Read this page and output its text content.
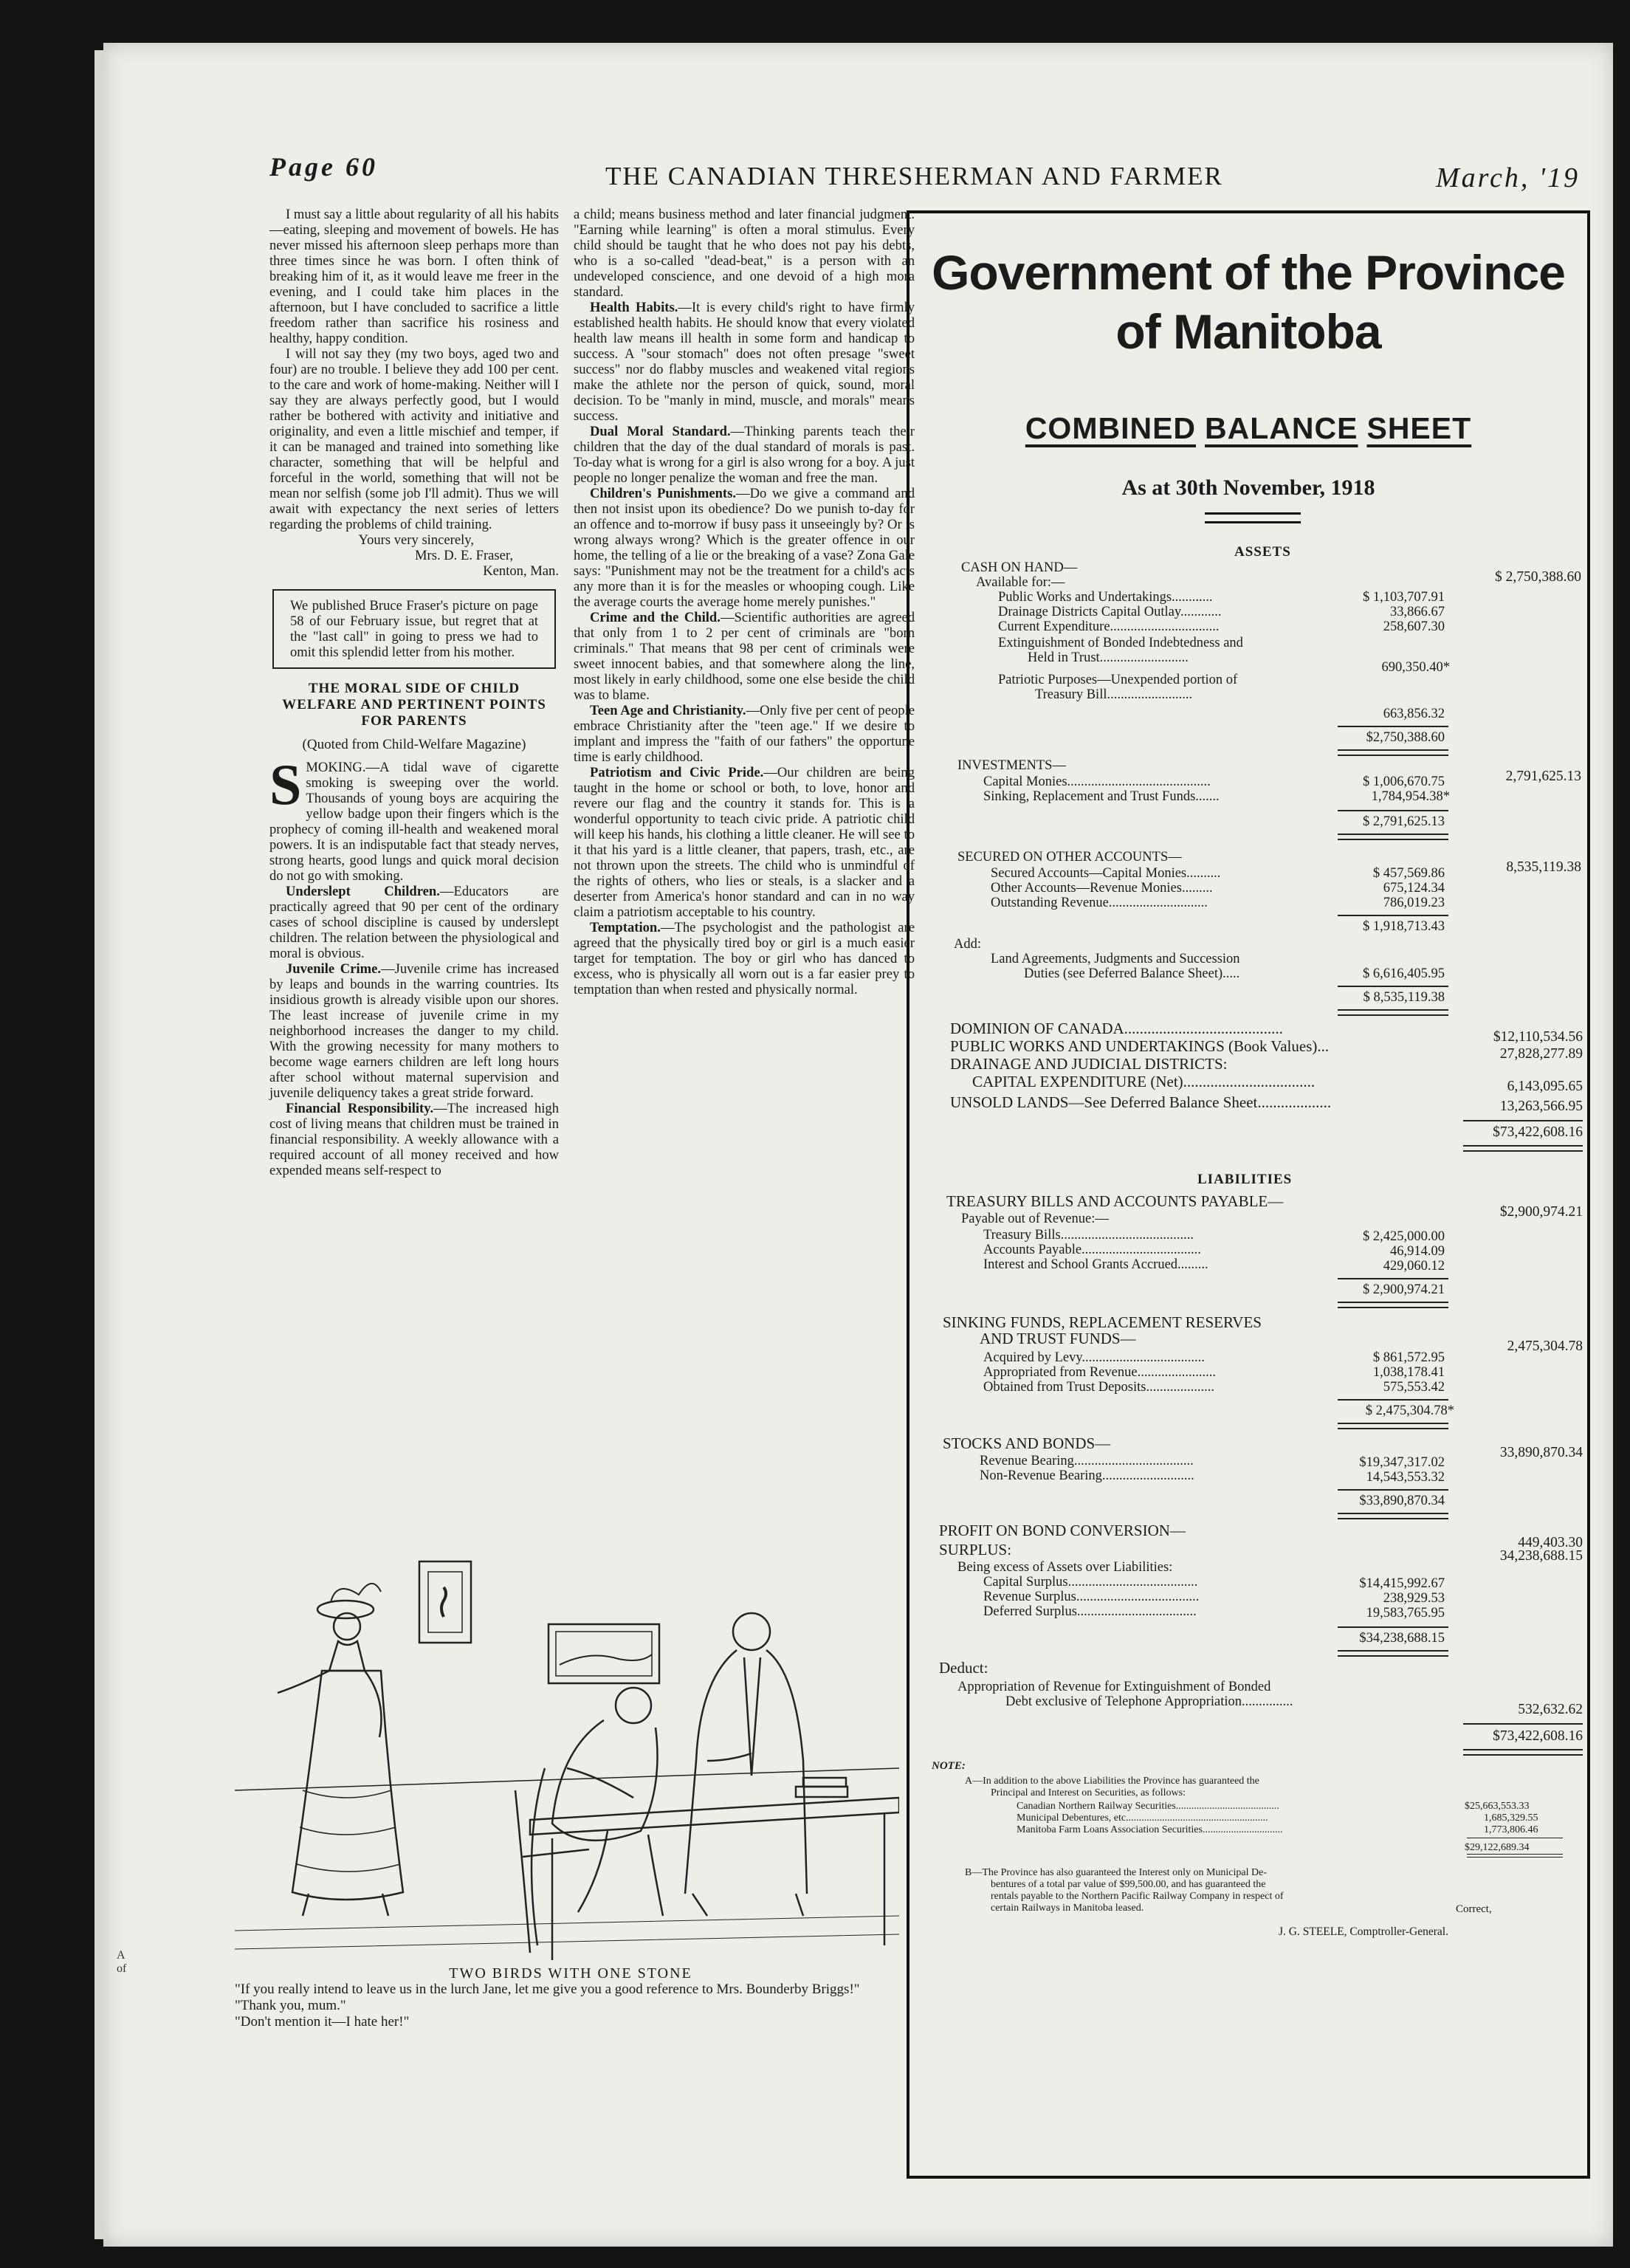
A
of
Page 60	THE CANADIAN THRESHERMAN AND FARMER	March, '19

I must say a little about regularity of all his habits—eating, sleeping and movement of bowels. He has never missed his afternoon sleep perhaps more than three times since he was born. I often think of breaking him of it, as it would leave me freer in the evening, and I could take him places in the afternoon, but I have concluded to sacrifice a little freedom rather than sacrifice his rosiness and healthy, happy condition.

I will not say they (my two boys, aged two and four) are no trouble. I believe they add 100 per cent. to the care and work of home-making. Neither will I say they are always perfectly good, but I would rather be bothered with activity and initiative and originality, and even a little mischief and temper, if it can be managed and trained into something like character, something that will be helpful and forceful in the world, something that will not be mean nor selfish (some job I'll admit). Thus we will await with expectancy the next series of letters regarding the problems of child training.

Yours very sincerely,

Mrs. D. E. Fraser,

Kenton, Man.

We published Bruce Fraser's picture on page 58 of our February issue, but regret that at the "last call" in going to press we had to omit this splendid letter from his mother.
THE MORAL SIDE OF CHILD WELFARE AND PERTINENT POINTS FOR PARENTS
(Quoted from Child-Welfare Magazine)

SMOKING.—A tidal wave of cigarette smoking is sweeping over the world. Thousands of young boys are acquiring the yellow badge upon their fingers which is the prophecy of coming ill-health and weakened moral powers. It is an indisputable fact that steady nerves, strong hearts, good lungs and quick moral decision do not go with smoking.

Underslept Children.—Educators are practically agreed that 90 per cent of the ordinary cases of school discipline is caused by underslept children. The relation between the physiological and moral is obvious.

Juvenile Crime.—Juvenile crime has increased by leaps and bounds in the warring countries. Its insidious growth is already visible upon our shores. The least increase of juvenile crime in my neighborhood increases the danger to my child. With the growing necessity for many mothers to become wage earners children are left long hours after school without maternal supervision and juvenile deliquency takes a great stride forward.

Financial Responsibility.—The increased high cost of living means that children must be trained in financial responsibility. A weekly allowance with a required account of all money received and how expended means self-respect to

a child; means business method and later financial judgment. "Earning while learning" is often a moral stimulus. Every child should be taught that he who does not pay his debts, who is a so-called "dead-beat," is a person with an undeveloped conscience, and one devoid of a high mora standard.

Health Habits.—It is every child's right to have firmly established health habits. He should know that every violated health law means ill health in some form and handicap to success. A "sour stomach" does not often presage "sweet success" nor do flabby muscles and weakened vital regions make the athlete nor the person of quick, sound, moral decision. To be "manly in mind, muscle, and morals" means success.

Dual Moral Standard.—Thinking parents teach their children that the day of the dual standard of morals is past. To-day what is wrong for a girl is also wrong for a boy. A just people no longer penalize the woman and free the man.

Children's Punishments.—Do we give a command and then not insist upon its obedience? Do we punish to-day for an offence and to-morrow if busy pass it unseeingly by? Or is wrong always wrong? Which is the greater offence in our home, the telling of a lie or the breaking of a vase? Zona Gale says: "Punishment may not be the treatment for a child's acts any more than it is for the measles or whooping cough. Like the average courts the average home merely punishes."

Crime and the Child.—Scientific authorities are agreed that only from 1 to 2 per cent of criminals are "born criminals." That means that 98 per cent of criminals were sweet innocent babies, and that somewhere along the line, most likely in early childhood, some one else beside the child was to blame.

Teen Age and Christianity.—Only five per cent of people embrace Christianity after the "teen age." If we desire to implant and impress the "faith of our fathers" the opportune time is early childhood.

Patriotism and Civic Pride.—Our children are being taught in the home or school or both, to love, honor and revere our flag and the country it stands for. This is a wonderful opportunity to teach civic pride. A patriotic child will keep his hands, his clothing a little cleaner. He will see to it that his yard is a little cleaner, that papers, trash, etc., are not thrown upon the streets. The child who is unmindful of the rights of others, who lies or steals, is a slacker and a deserter from America's honor standard and can in no way claim a patriotism acceptable to his country.

Temptation.—The psychologist and the pathologist are agreed that the physically tired boy or girl is a much easier target for temptation. The boy or girl who has danced to excess, who is physically all worn out is a far easier prey to temptation than when rested and physically normal.

TWO BIRDS WITH ONE STONE
"If you really intend to leave us in the lurch Jane, let me give you a good reference to Mrs. Bounderby Briggs!"
"Thank you, mum."
"Don't mention it—I hate her!"
Government of the Province
of Manitoba
COMBINED BALANCE SHEET
As at 30th November, 1918
ASSETS
CASH ON HAND—
$ 2,750,388.60
Available for:—
Public Works and Undertakings............	$ 1,103,707.91
Drainage Districts Capital Outlay............	33,866.67
Current Expenditure................................	258,607.30
Extinguishment of Bonded Indebtedness and
Held in Trust..........................
690,350.40*
Patriotic Purposes—Unexpended portion of
Treasury Bill.........................
663,856.32
$2,750,388.60
INVESTMENTS—
2,791,625.13
Capital Monies..........................................	$ 1,006,670.75
Sinking, Replacement and Trust Funds.......	1,784,954.38*
$ 2,791,625.13
SECURED ON OTHER ACCOUNTS—
8,535,119.38
Secured Accounts—Capital Monies..........	$ 457,569.86
Other Accounts—Revenue Monies.........	675,124.34
Outstanding Revenue.............................	786,019.23
$ 1,918,713.43
Add:
Land Agreements, Judgments and Succession
Duties (see Deferred Balance Sheet).....	$ 6,616,405.95
$ 8,535,119.38
DOMINION OF CANADA.........................................	$12,110,534.56
PUBLIC WORKS AND UNDERTAKINGS (Book Values)...	27,828,277.89
DRAINAGE AND JUDICIAL DISTRICTS:
CAPITAL EXPENDITURE (Net)..................................	6,143,095.65
UNSOLD LANDS—See Deferred Balance Sheet...................	13,263,566.95
$73,422,608.16
LIABILITIES
TREASURY BILLS AND ACCOUNTS PAYABLE—
$2,900,974.21
Payable out of Revenue:—
Treasury Bills.......................................	$ 2,425,000.00
Accounts Payable...................................	46,914.09
Interest and School Grants Accrued.........	429,060.12
$ 2,900,974.21
SINKING FUNDS, REPLACEMENT RESERVES
AND TRUST FUNDS—	2,475,304.78
Acquired by Levy....................................	$ 861,572.95
Appropriated from Revenue.......................	1,038,178.41
Obtained from Trust Deposits....................	575,553.42
$ 2,475,304.78*
STOCKS AND BONDS—
33,890,870.34
Revenue Bearing...................................	$19,347,317.02
Non-Revenue Bearing...........................	14,543,553.32
$33,890,870.34
PROFIT ON BOND CONVERSION—
449,403.30
SURPLUS:	34,238,688.15
Being excess of Assets over Liabilities:
Capital Surplus......................................	$14,415,992.67
Revenue Surplus....................................	238,929.53
Deferred Surplus...................................	19,583,765.95
$34,238,688.15
Deduct:
Appropriation of Revenue for Extinguishment of Bonded
Debt exclusive of Telephone Appropriation...............	532,632.62
$73,422,608.16
NOTE:
A—In addition to the above Liabilities the Province has guaranteed the
Principal and Interest on Securities, as follows:
Canadian Northern Railway Securities........................................	$25,663,553.33
Municipal Debentures, etc.......................................................	1,685,329.55
Manitoba Farm Loans Association Securities...............................	1,773,806.46
$29,122,689.34
B—The Province has also guaranteed the Interest only on Municipal De-
bentures of a total par value of $99,500.00, and has guaranteed the
rentals payable to the Northern Pacific Railway Company in respect of
certain Railways in Manitoba leased.	Correct,
J. G. STEELE, Comptroller-General.
